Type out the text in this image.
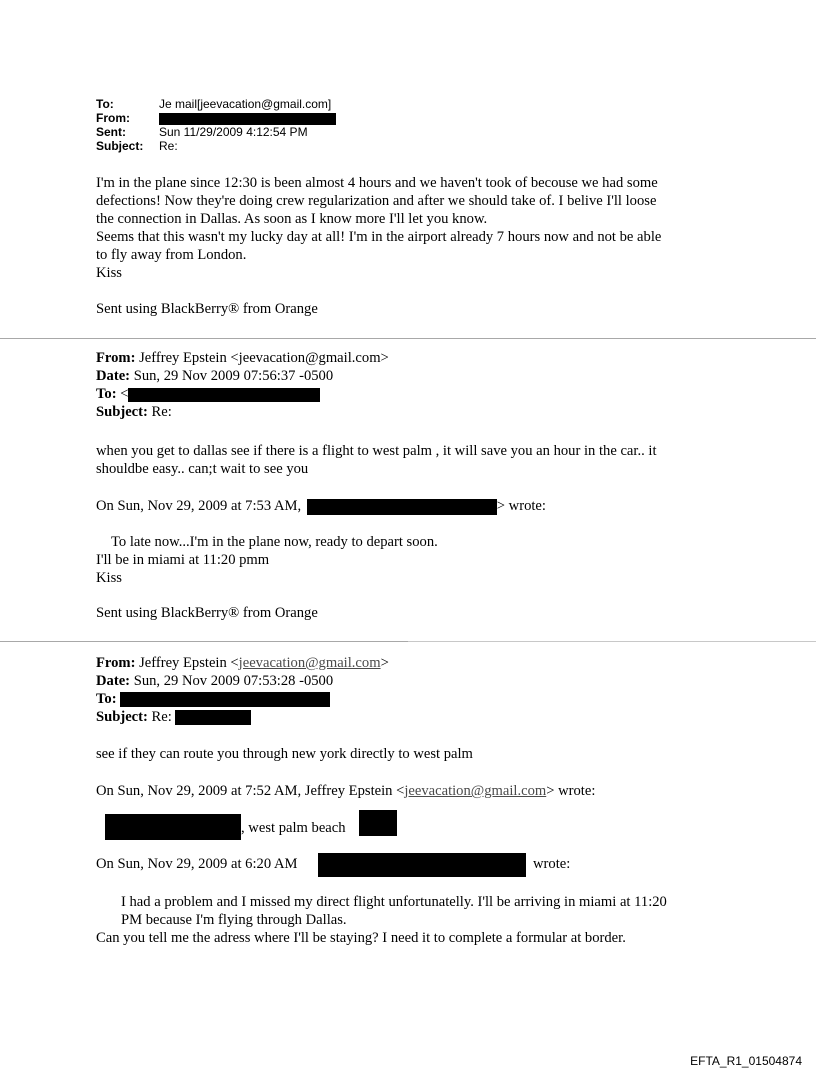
To:	Je mail[jeevacation@gmail.com]
From:
Sent:	Sun 11/29/2009 4:12:54 PM
Subject: Re:
I'm in the plane since 12:30 is been almost 4 hours and we haven't took of becouse we had some
defections! Now they're doing crew regularization and after we should take of. I belive I'll loose
the connection in Dallas. As soon as I know more I'll let you know.
Seems that this wasn't my lucky day at all! I'm in the airport already 7 hours now and not be able
to fly away from London.
Kiss
Sent using BlackBerry® from Orange
From: Jeffrey Epstein <jeevacation@gmail.com>
Date: Sun, 29 Nov 2009 07:56:37 -0500
To: <
Subject: Re:
when you get to dallas see if there is a flight to west palm , it will save you an hour in the car.. it
shouldbe easy.. can;t wait to see you
On Sun, Nov 29, 2009 at 7:53 AM,	> wrote:
To late now...I'm in the plane now, ready to depart soon.
I'll be in miami at 11:20 pmm
Kiss
Sent using BlackBerry® from Orange
From: Jeffrey Epstein <jeevacation@gmail.com>
Date: Sun, 29 Nov 2009 07:53:28 -0500
To:
Subject: Re:
see if they can route you through new york directly to west palm
On Sun, Nov 29, 2009 at 7:52 AM, Jeffrey Epstein <jeevacation@gmail.com> wrote:
, west palm beach
On Sun, Nov 29, 2009 at 6:20 AM	wrote:
I had a problem and I missed my direct flight unfortunatelly. I'll be arriving in miami at 11:20
PM because I'm flying through Dallas.
Can you tell me the adress where I'll be staying? I need it to complete a formular at border.
EFTA_R1_01504874
